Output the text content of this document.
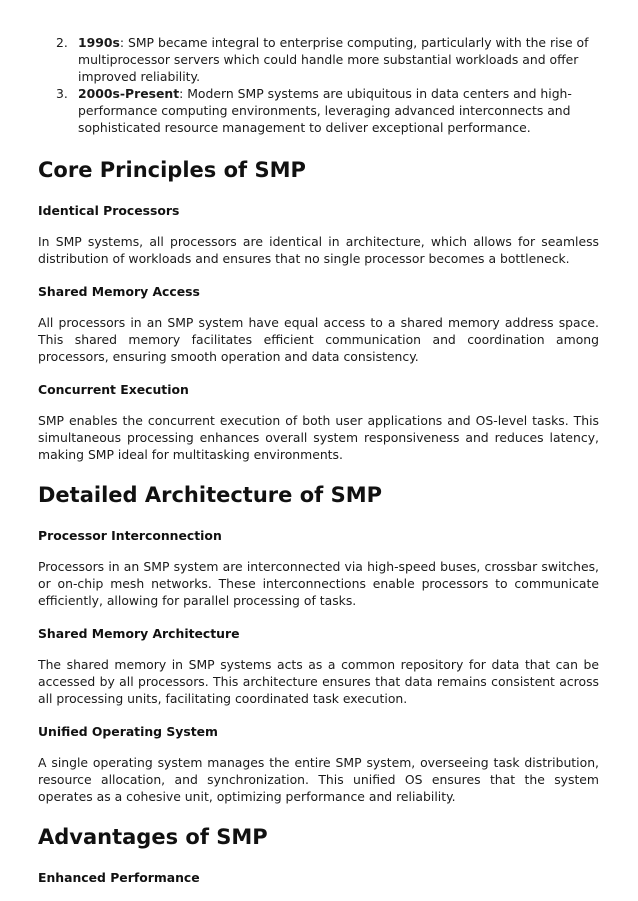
2. 1990s: SMP became integral to enterprise computing, particularly with the rise of multiprocessor servers which could handle more substantial workloads and offer improved reliability.
3. 2000s-Present: Modern SMP systems are ubiquitous in data centers and high-performance computing environments, leveraging advanced interconnects and sophisticated resource management to deliver exceptional performance.
Core Principles of SMP
Identical Processors

In SMP systems, all processors are identical in architecture, which allows for seamless distribution of workloads and ensures that no single processor becomes a bottleneck.

Shared Memory Access

All processors in an SMP system have equal access to a shared memory address space. This shared memory facilitates efficient communication and coordination among processors, ensuring smooth operation and data consistency.

Concurrent Execution

SMP enables the concurrent execution of both user applications and OS-level tasks. This simultaneous processing enhances overall system responsiveness and reduces latency, making SMP ideal for multitasking environments.

Detailed Architecture of SMP
Processor Interconnection

Processors in an SMP system are interconnected via high-speed buses, crossbar switches, or on-chip mesh networks. These interconnections enable processors to communicate efficiently, allowing for parallel processing of tasks.

Shared Memory Architecture

The shared memory in SMP systems acts as a common repository for data that can be accessed by all processors. This architecture ensures that data remains consistent across all processing units, facilitating coordinated task execution.

Unified Operating System

A single operating system manages the entire SMP system, overseeing task distribution, resource allocation, and synchronization. This unified OS ensures that the system operates as a cohesive unit, optimizing performance and reliability.

Advantages of SMP
Enhanced Performance
